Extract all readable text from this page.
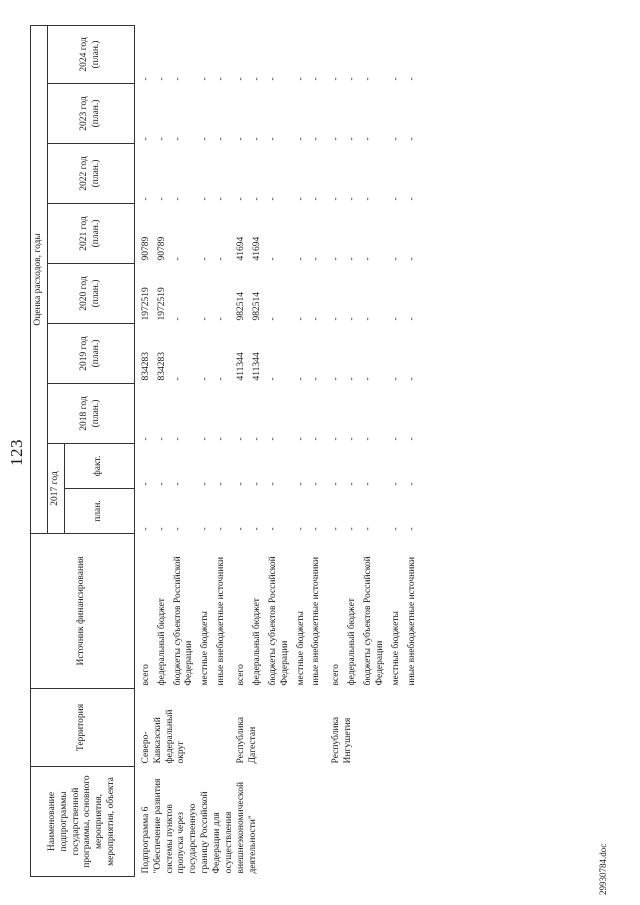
123
Наименование подпрограммы государственной программы, основного мероприятия, мероприятия, объекта	Территория	Источник финансирования	Оценка расходов, годы								
			2017 год		2018 год (план.)	2019 год (план.)	2020 год (план.)	2021 год (план.)	2022 год (план.)	2023 год (план.)	2024 год (план.)
			план.	факт.							
Подпрограмма 6 "Обеспечение развития системы пунктов пропуска через государственную границу Российской Федерации для осуществления внешнеэкономической деятельности"	Северо-Кавказский федеральный округ	всего	-	-	-	834283	1972519	90789	-	-	-
		федеральный бюджет	-	-	-	834283	1972519	90789	-	-	-
		бюджеты субъектов Российской Федерации	-	-	-	-	-	-	-	-	-
		местные бюджеты	-	-	-	-	-	-	-	-	-
		иные внебюджетные источники	-	-	-	-	-	-	-	-	-
	Республика Дагестан	всего	-	-	-	411344	982514	41694	-	-	-
		федеральный бюджет	-	-	-	411344	982514	41694	-	-	-
		бюджеты субъектов Российской Федерации	-	-	-	-	-	-	-	-	-
		местные бюджеты	-	-	-	-	-	-	-	-	-
		иные внебюджетные источники	-	-	-	-	-	-	-	-	-
	Республика Ингушетия	всего	-	-	-	-	-	-	-	-	-
		федеральный бюджет	-	-	-	-	-	-	-	-	-
		бюджеты субъектов Российской Федерации	-	-	-	-	-	-	-	-	-
		местные бюджеты	-	-	-	-	-	-	-	-	-
		иные внебюджетные источники	-	-	-	-	-	-	-	-	-
29930784.doc
